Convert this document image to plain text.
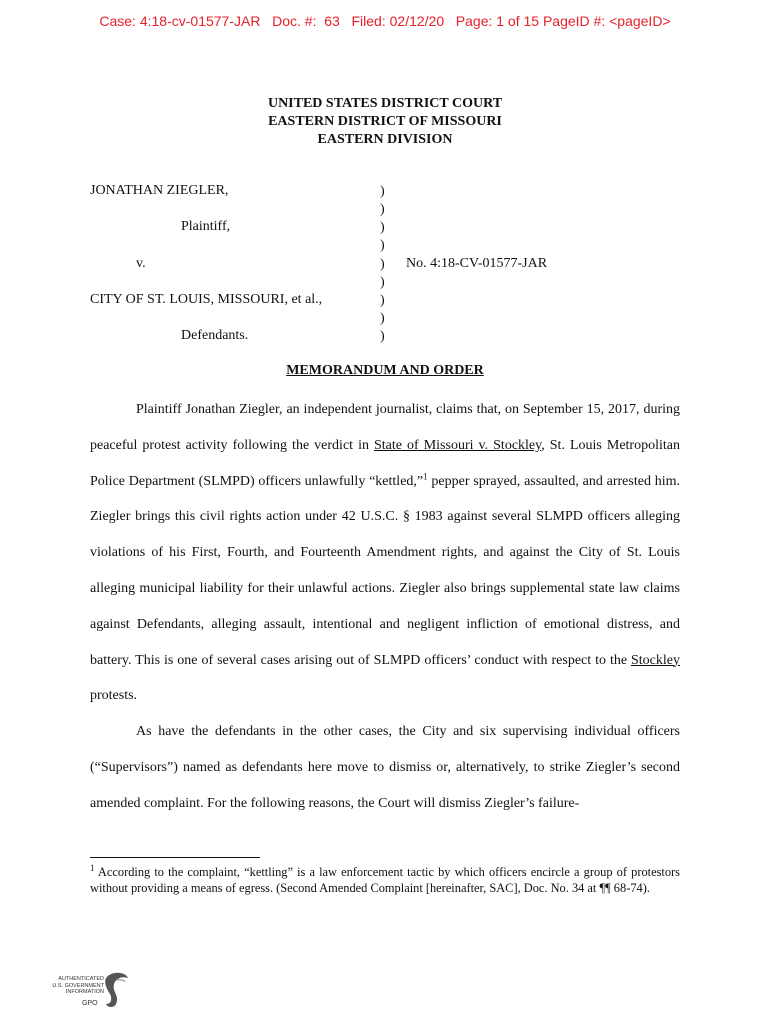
Case: 4:18-cv-01577-JAR   Doc. #:  63   Filed: 02/12/20   Page: 1 of 15 PageID #: <pageID>
UNITED STATES DISTRICT COURT
EASTERN DISTRICT OF MISSOURI
EASTERN DIVISION
JONATHAN ZIEGLER,
Plaintiff,
v.
CITY OF ST. LOUIS, MISSOURI, et al.,
Defendants.
)
)
)
)
)
)
)
)
)
No. 4:18-CV-01577-JAR
MEMORANDUM AND ORDER

Plaintiff Jonathan Ziegler, an independent journalist, claims that, on September 15, 2017, during peaceful protest activity following the verdict in State of Missouri v. Stockley, St. Louis Metropolitan Police Department (SLMPD) officers unlawfully “kettled,”$^1$ pepper sprayed, assaulted, and arrested him. Ziegler brings this civil rights action under 42 U.S.C. § 1983 against several SLMPD officers alleging violations of his First, Fourth, and Fourteenth Amendment rights, and against the City of St. Louis alleging municipal liability for their unlawful actions. Ziegler also brings supplemental state law claims against Defendants, alleging assault, intentional and negligent infliction of emotional distress, and battery. This is one of several cases arising out of SLMPD officers’ conduct with respect to the Stockley protests.

As have the defendants in the other cases, the City and six supervising individual officers (“Supervisors”) named as defendants here move to dismiss or, alternatively, to strike Ziegler’s second amended complaint. For the following reasons, the Court will dismiss Ziegler’s failure-

$^1$ According to the complaint, “kettling” is a law enforcement tactic by which officers encircle a group of protestors without providing a means of egress. (Second Amended Complaint [hereinafter, SAC], Doc. No. 34 at ¶¶ 68-74).
AUTHENTICATED
U.S. GOVERNMENT
INFORMATION
GPO
